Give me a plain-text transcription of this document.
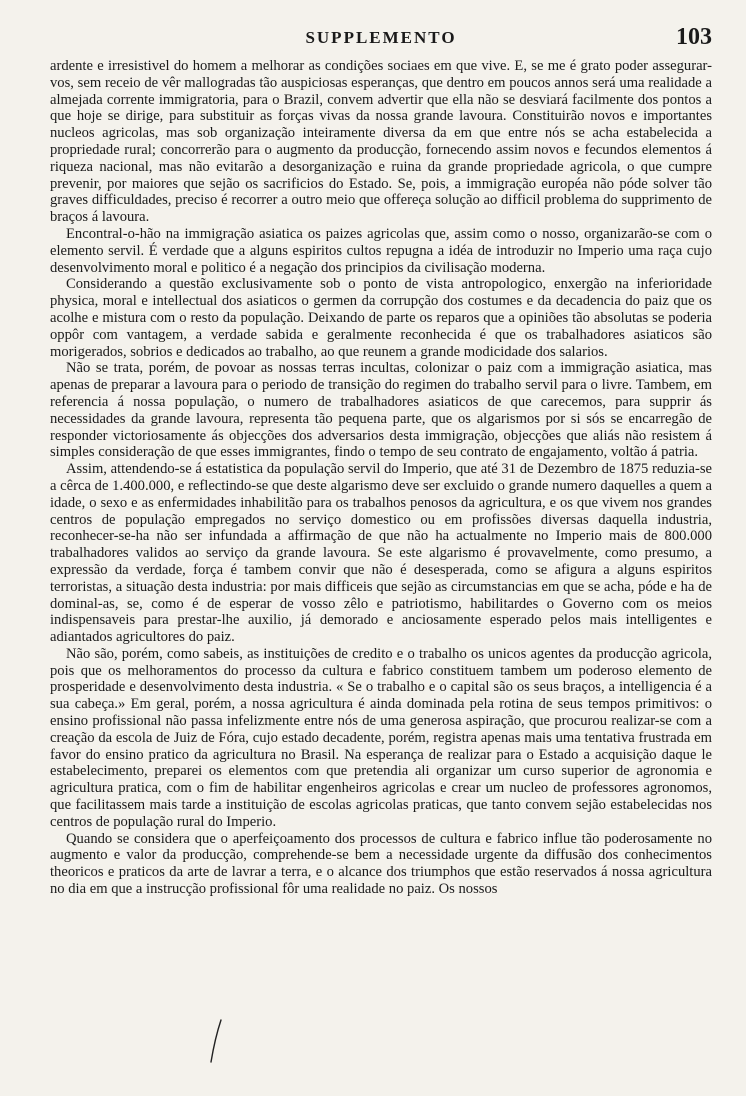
SUPPLEMENTO	103

ardente e irresistivel do homem a melhorar as condições sociaes em que vive. E, se me é grato poder assegurar-vos, sem receio de vêr mallogradas tão auspiciosas esperanças, que dentro em poucos annos será uma realidade a almejada corrente immigratoria, para o Brazil, convem advertir que ella não se desviará facilmente dos pontos a que hoje se dirige, para substituir as forças vivas da nossa grande lavoura. Constituirão novos e importantes nucleos agricolas, mas sob organização inteiramente diversa da em que entre nós se acha estabelecida a propriedade rural; concorrerão para o augmento da producção, fornecendo assim novos e fecundos elementos á riqueza nacional, mas não evitarão a desorganização e ruina da grande propriedade agricola, o que cumpre prevenir, por maiores que sejão os sacrificios do Estado. Se, pois, a immigração européa não póde solver tão graves difficuldades, preciso é recorrer a outro meio que offereça solução ao difficil problema do supprimento de braços á lavoura.

Encontral-o-hão na immigração asiatica os paizes agricolas que, assim como o nosso, organizarão-se com o elemento servil. É verdade que a alguns espiritos cultos repugna a idéa de introduzir no Imperio uma raça cujo desenvolvimento moral e politico é a negação dos principios da civilisação moderna.

Considerando a questão exclusivamente sob o ponto de vista antropologico, enxergão na inferioridade physica, moral e intellectual dos asiaticos o germen da corrupção dos costumes e da decadencia do paiz que os acolhe e mistura com o resto da população. Deixando de parte os reparos que a opiniões tão absolutas se poderia oppôr com vantagem, a verdade sabida e geralmente reconhecida é que os trabalhadores asiaticos são morigerados, sobrios e dedicados ao trabalho, ao que reunem a grande modicidade dos salarios.

Não se trata, porém, de povoar as nossas terras incultas, colonizar o paiz com a immigração asiatica, mas apenas de preparar a lavoura para o periodo de transição do regimen do trabalho servil para o livre. Tambem, em referencia á nossa população, o numero de trabalhadores asiaticos de que carecemos, para supprir ás necessidades da grande lavoura, representa tão pequena parte, que os algarismos por si sós se encarregão de responder victoriosamente ás objecções dos adversarios desta immigração, objecções que aliás não resistem á simples consideração de que esses immigrantes, findo o tempo de seu contrato de engajamento, voltão á patria.

Assim, attendendo-se á estatistica da população servil do Imperio, que até 31 de Dezembro de 1875 reduzia-se a cêrca de 1.400.000, e reflectindo-se que deste algarismo deve ser excluido o grande numero daquelles a quem a idade, o sexo e as enfermidades inhabilitão para os trabalhos penosos da agricultura, e os que vivem nos grandes centros de população empregados no serviço domestico ou em profissões diversas daquella industria, reconhecer-se-ha não ser infundada a affirmação de que não ha actualmente no Imperio mais de 800.000 trabalhadores validos ao serviço da grande lavoura. Se este algarismo é provavelmente, como presumo, a expressão da verdade, força é tambem convir que não é desesperada, como se afigura a alguns espiritos terroristas, a situação desta industria: por mais difficeis que sejão as circumstancias em que se acha, póde e ha de dominal-as, se, como é de esperar de vosso zêlo e patriotismo, habilitardes o Governo com os meios indispensaveis para prestar-lhe auxilio, já demorado e anciosamente esperado pelos mais intelligentes e adiantados agricultores do paiz.

Não são, porém, como sabeis, as instituições de credito e o trabalho os unicos agentes da producção agricola, pois que os melhoramentos do processo da cultura e fabrico constituem tambem um poderoso elemento de prosperidade e desenvolvimento desta industria. « Se o trabalho e o capital são os seus braços, a intelligencia é a sua cabeça.» Em geral, porém, a nossa agricultura é ainda dominada pela rotina de seus tempos primitivos: o ensino profissional não passa infelizmente entre nós de uma generosa aspiração, que procurou realizar-se com a creação da escola de Juiz de Fóra, cujo estado decadente, porém, registra apenas mais uma tentativa frustrada em favor do ensino pratico da agricultura no Brasil. Na esperança de realizar para o Estado a acquisição daque le estabelecimento, preparei os elementos com que pretendia ali organizar um curso superior de agronomia e agricultura pratica, com o fim de habilitar engenheiros agricolas e crear um nucleo de professores agronomos, que facilitassem mais tarde a instituição de escolas agricolas praticas, que tanto convem sejão estabelecidas nos centros de população rural do Imperio.

Quando se considera que o aperfeiçoamento dos processos de cultura e fabrico influe tão poderosamente no augmento e valor da producção, comprehende-se bem a necessidade urgente da diffusão dos conhecimentos theoricos e praticos da arte de lavrar a terra, e o alcance dos triumphos que estão reservados á nossa agricultura no dia em que a instrucção profissional fôr uma realidade no paiz. Os nossos
